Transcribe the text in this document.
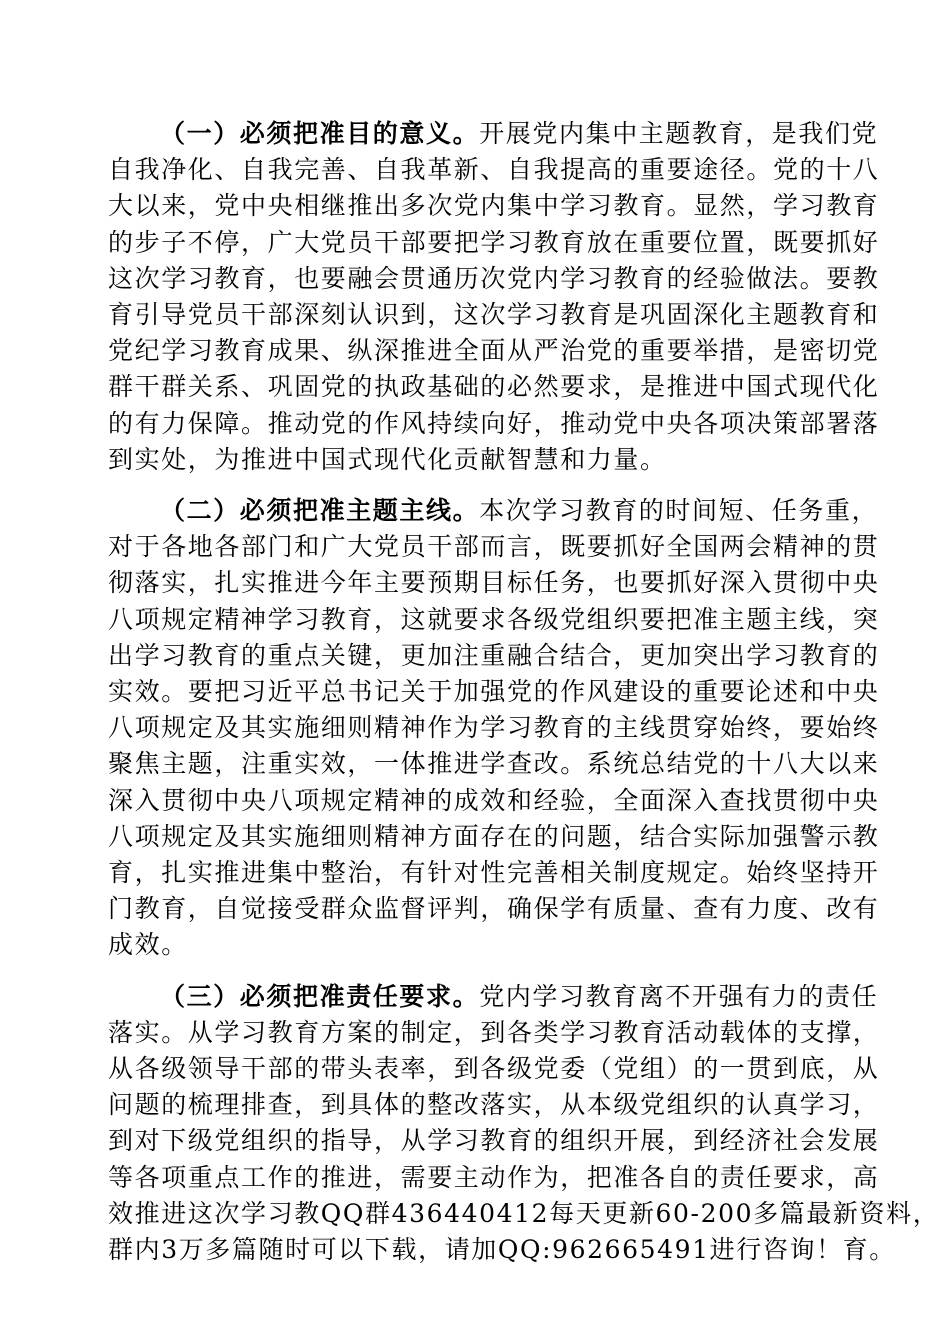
（一）必须把准目的意义。开展党内集中主题教育，是我们党
自我净化、自我完善、自我革新、自我提高的重要途径。党的十八
大以来，党中央相继推出多次党内集中学习教育。显然，学习教育
的步子不停，广大党员干部要把学习教育放在重要位置，既要抓好
这次学习教育，也要融会贯通历次党内学习教育的经验做法。要教
育引导党员干部深刻认识到，这次学习教育是巩固深化主题教育和
党纪学习教育成果、纵深推进全面从严治党的重要举措，是密切党
群干群关系、巩固党的执政基础的必然要求，是推进中国式现代化
的有力保障。推动党的作风持续向好，推动党中央各项决策部署落
到实处，为推进中国式现代化贡献智慧和力量。

（二）必须把准主题主线。本次学习教育的时间短、任务重，
对于各地各部门和广大党员干部而言，既要抓好全国两会精神的贯
彻落实，扎实推进今年主要预期目标任务，也要抓好深入贯彻中央
八项规定精神学习教育，这就要求各级党组织要把准主题主线，突
出学习教育的重点关键，更加注重融合结合，更加突出学习教育的
实效。要把习近平总书记关于加强党的作风建设的重要论述和中央
八项规定及其实施细则精神作为学习教育的主线贯穿始终，要始终
聚焦主题，注重实效，一体推进学查改。系统总结党的十八大以来
深入贯彻中央八项规定精神的成效和经验，全面深入查找贯彻中央
八项规定及其实施细则精神方面存在的问题，结合实际加强警示教
育，扎实推进集中整治，有针对性完善相关制度规定。始终坚持开
门教育，自觉接受群众监督评判，确保学有质量、查有力度、改有
成效。

（三）必须把准责任要求。党内学习教育离不开强有力的责任
落实。从学习教育方案的制定，到各类学习教育活动载体的支撑，
从各级领导干部的带头表率，到各级党委（党组）的一贯到底，从
问题的梳理排查，到具体的整改落实，从本级党组织的认真学习，
到对下级党组织的指导，从学习教育的组织开展，到经济社会发展
等各项重点工作的推进，需要主动作为，把准各自的责任要求，高
效推进这次学习教QQ群436440412每天更新60-200多篇最新资料，
群内3万多篇随时可以下载，请加QQ:962665491进行咨询！育。
